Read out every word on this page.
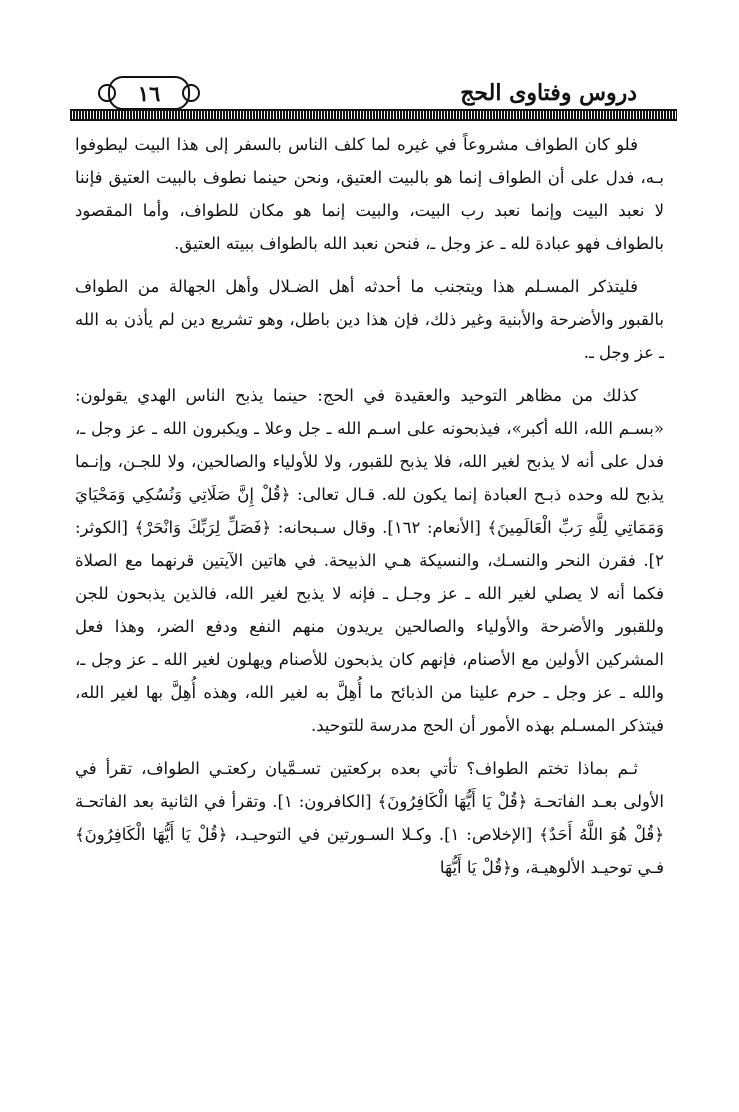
١٦	دروس وفتاوى الحج

فلو كان الطواف مشروعاً في غيره لما كلف الناس بالسفر إلى هذا البيت ليطوفوا بـه، فدل على أن الطواف إنما هو بالبيت العتيق، ونحن حينما نطوف بالبيت العتيق فإننا لا نعبد البيت وإنما نعبد رب البيت، والبيت إنما هو مكان للطواف، وأما المقصود بالطواف فهو عبادة لله ـ عز وجل ـ، فنحن نعبد الله بالطواف ببيته العتيق.

فليتذكر المسـلم هذا ويتجنب ما أحدثه أهل الضـلال وأهل الجهالة من الطواف بالقبور والأضرحة والأبنية وغير ذلك، فإن هذا دين باطل، وهو تشريع دين لم يأذن به الله ـ عز وجل ـ.

كذلك من مظاهر التوحيد والعقيدة في الحج: حينما يذبح الناس الهدي يقولون: «بسـم الله، الله أكبر»، فيذبحونه على اسـم الله ـ جل وعلا ـ ويكبرون الله ـ عز وجل ـ، فدل على أنه لا يذبح لغير الله، فلا يذبح للقبور، ولا للأولياء والصالحين، ولا للجـن، وإنـما يذبح لله وحده ذبـح العبادة إنما يكون لله. قـال تعالى: ﴿قُلْ إِنَّ صَلَاتِي وَنُسُكِي وَمَحْيَايَ وَمَمَاتِي لِلَّهِ رَبِّ الْعَالَمِينَ﴾ [الأنعام: ١٦٢]. وقال سـبحانه: ﴿فَصَلِّ لِرَبِّكَ وَانْحَرْ﴾ [الكوثر: ٢]. فقرن النحر والنسـك، والنسيكة هـي الذبيحة. في هاتين الآيتين قرنهما مع الصلاة فكما أنه لا يصلي لغير الله ـ عز وجـل ـ فإنه لا يذبح لغير الله، فالذين يذبحون للجن وللقبور والأضرحة والأولياء والصالحين يريدون منهم النفع ودفع الضر، وهذا فعل المشركين الأولين مع الأصنام، فإنهم كان يذبحون للأصنام ويهلون لغير الله ـ عز وجل ـ، والله ـ عز وجل ـ حرم علينا من الذبائح ما أُهِلَّ به لغير الله، وهذه أُهِلَّ بها لغير الله، فيتذكر المسـلم بهذه الأمور أن الحج مدرسة للتوحيد.

ثـم بماذا تختم الطواف؟ تأتي بعده بركعتين تسـمَّيان ركعتـي الطواف، تقرأ في الأولى بعـد الفاتحـة ﴿قُلْ يَا أَيُّهَا الْكَافِرُونَ﴾ [الكافرون: ١]. وتقرأ في الثانية بعد الفاتحـة ﴿قُلْ هُوَ اللَّهُ أَحَدٌ﴾ [الإخلاص: ١]. وكـلا السـورتين في التوحيـد، ﴿قُلْ يَا أَيُّهَا الْكَافِرُونَ﴾ فـي توحيـد الألوهيـة، و﴿قُلْ يَا أَيُّهَا
